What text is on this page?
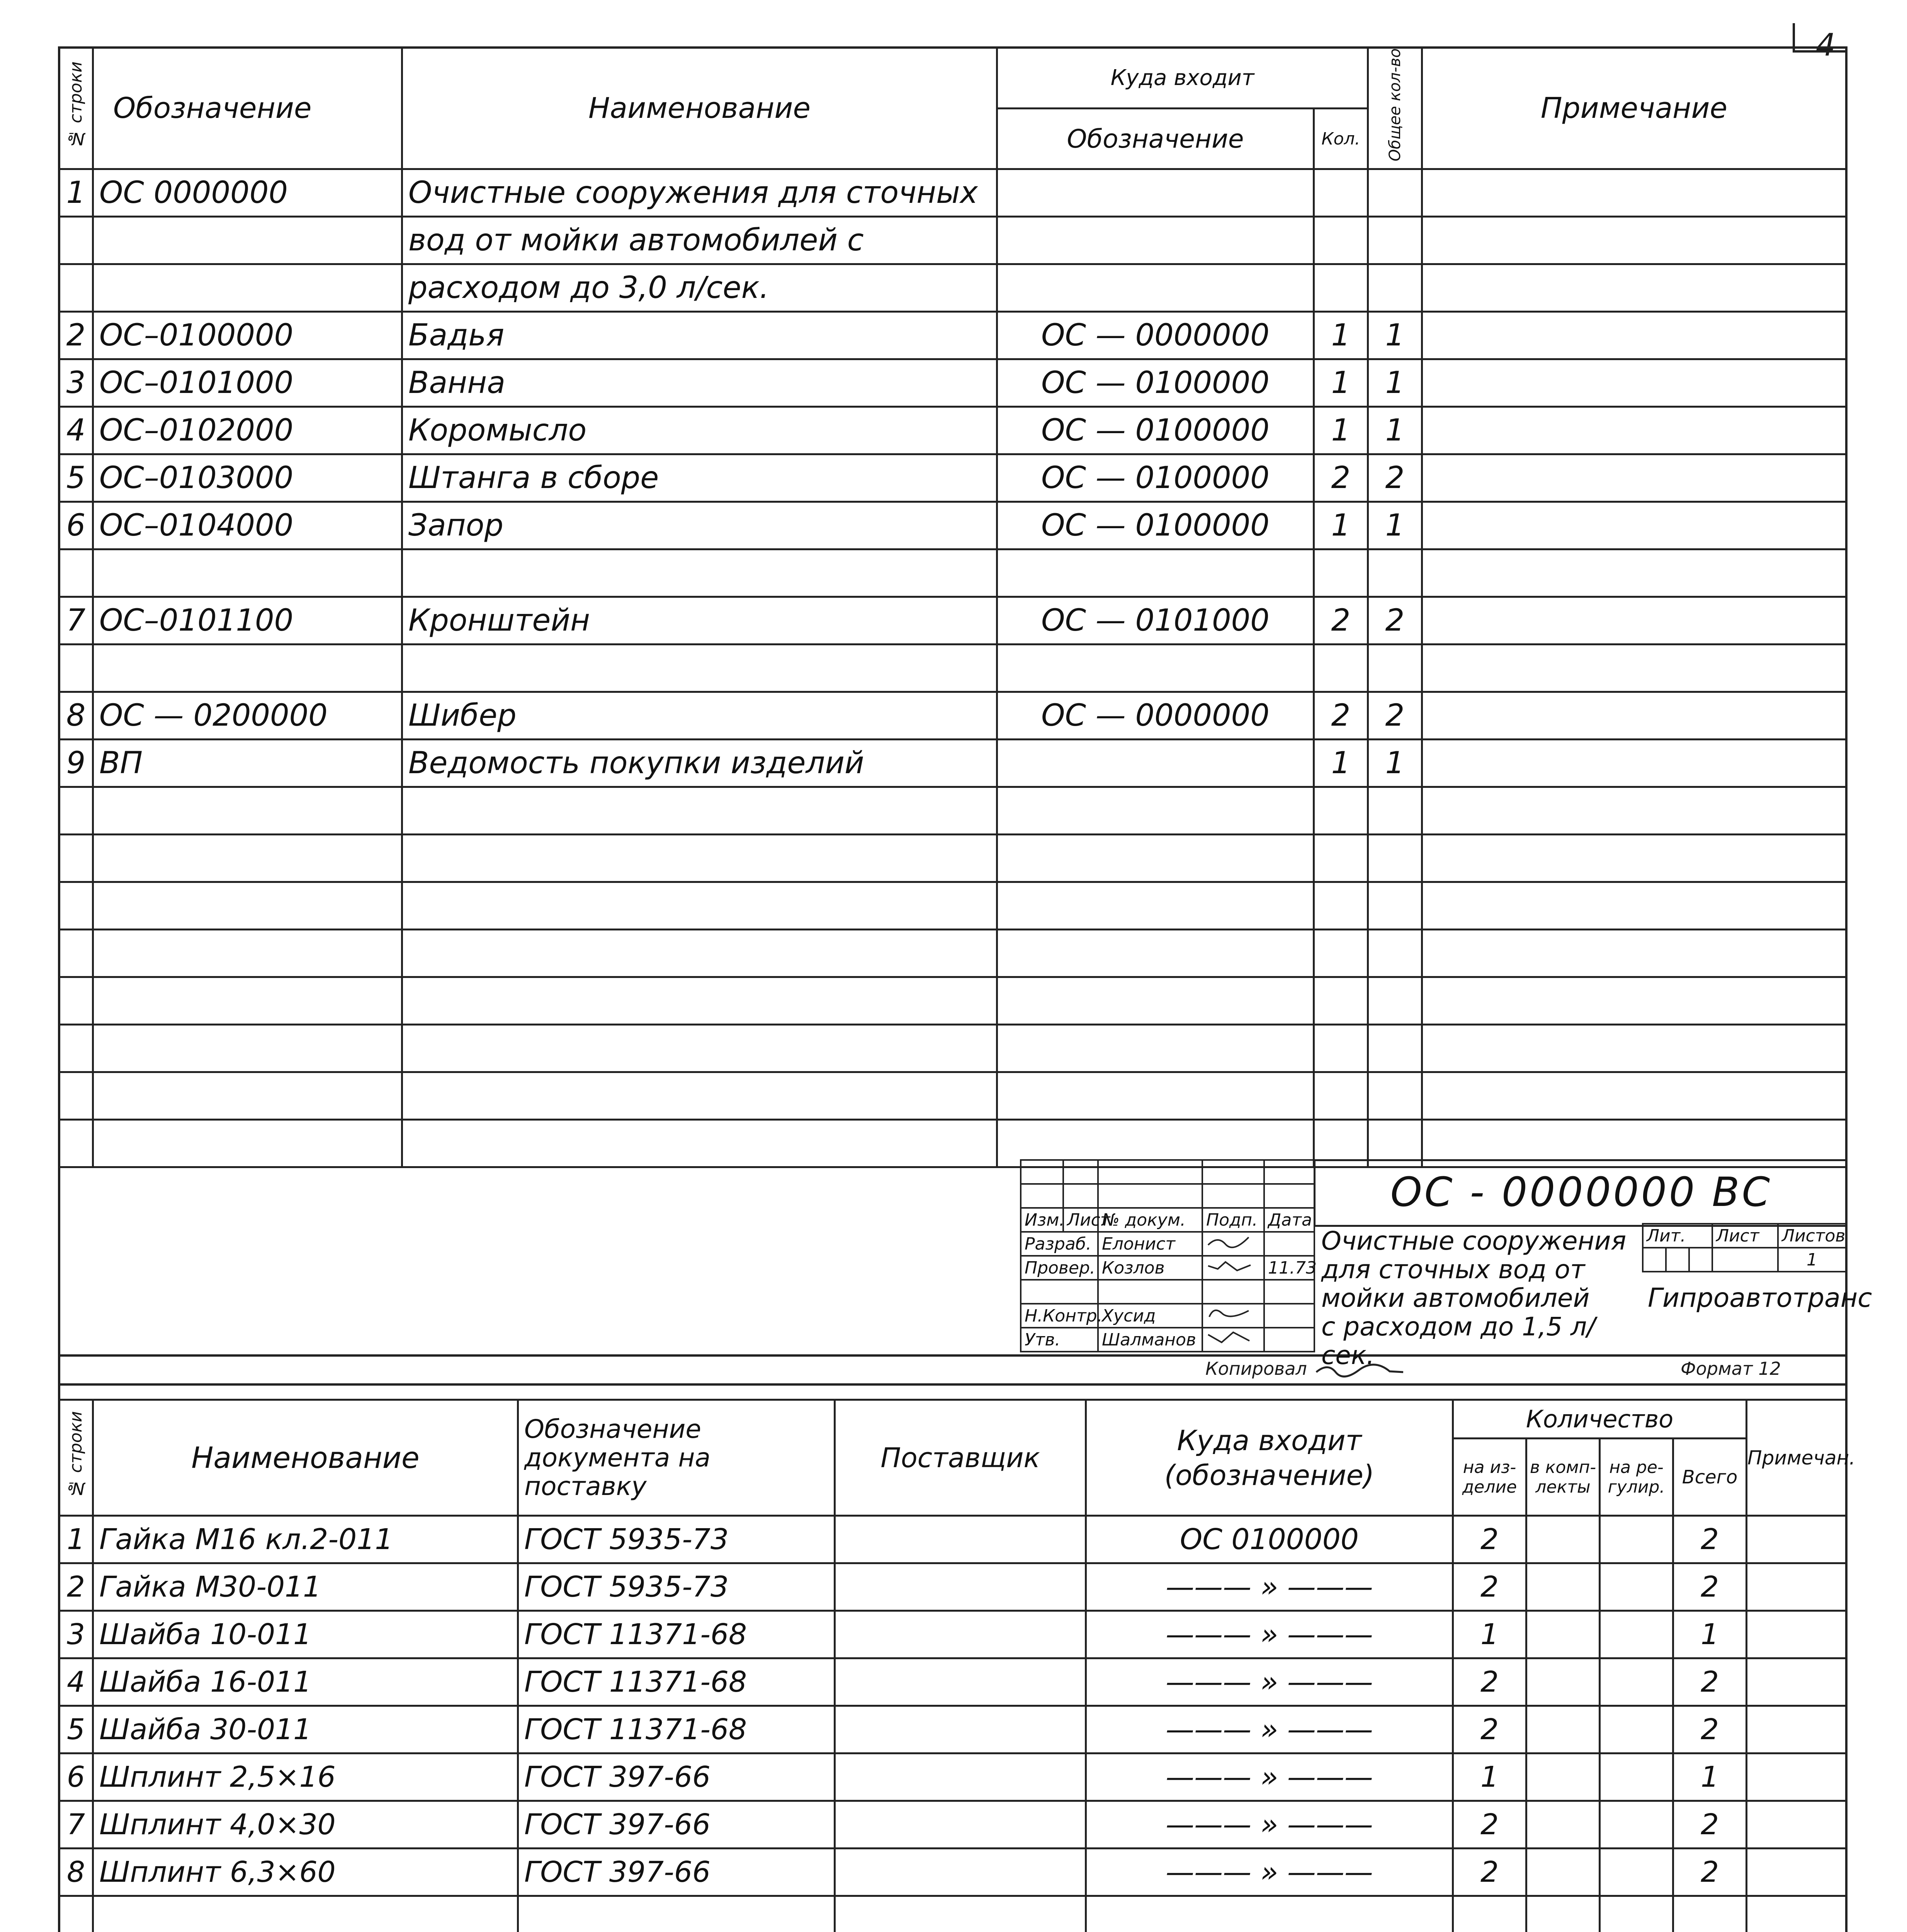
4
№ строки	Обозначение	Наименование	Куда входит		Общее кол-во	Примечание
			Обозначение	Кол.		
1	ОС 0000000	Очистные сооружения для сточных				
		вод от мойки автомобилей с				
		расходом до 3,0 л/сек.				
2	ОС–0100000	Бадья	ОС — 0000000	1	1	
3	ОС–0101000	Ванна	ОС — 0100000	1	1	
4	ОС–0102000	Коромысло	ОС — 0100000	1	1	
5	ОС–0103000	Штанга в сборе	ОС — 0100000	2	2	
6	ОС–0104000	Запор	ОС — 0100000	1	1	

7	ОС–0101100	Кронштейн	ОС — 0101000	2	2	

8	ОС — 0200000	Шибер	ОС — 0000000	2	2	
9	ВП	Ведомость покупки изделий		1	1	

Изм.	Лист	№ докум.	Подп.	Дата
Разраб.		Елонист		
Провер.		Козлов		11.73

Н.Контр.		Хусид		
Утв.		Шалманов		
ОС - 0000000 ВС
Очистные сооружения
для сточных вод от
мойки автомобилей
с расходом до 1,5 л/сек.
Лит.			Лист	Листов
				1
Гипроавтотранс
Копировал	Формат 12
№ строки	Наименование	Обозначение документа на поставку	Поставщик	Куда входит (обозначение)	Количество				Примечан.
					на из-делие	в комп-лекты	на ре-гулир.	Всего	
1	Гайка М16 кл.2-011	ГОСТ 5935-73		ОС 0100000	2			2	
2	Гайка М30-011	ГОСТ 5935-73		——— » ———	2			2	
3	Шайба 10-011	ГОСТ 11371-68		——— » ———	1			1	
4	Шайба 16-011	ГОСТ 11371-68		——— » ———	2			2	
5	Шайба 30-011	ГОСТ 11371-68		——— » ———	2			2	
6	Шплинт 2,5×16	ГОСТ 397-66		——— » ———	1			1	
7	Шплинт 4,0×30	ГОСТ 397-66		——— » ———	2			2	
8	Шплинт 6,3×60	ГОСТ 397-66		——— » ———	2			2	
